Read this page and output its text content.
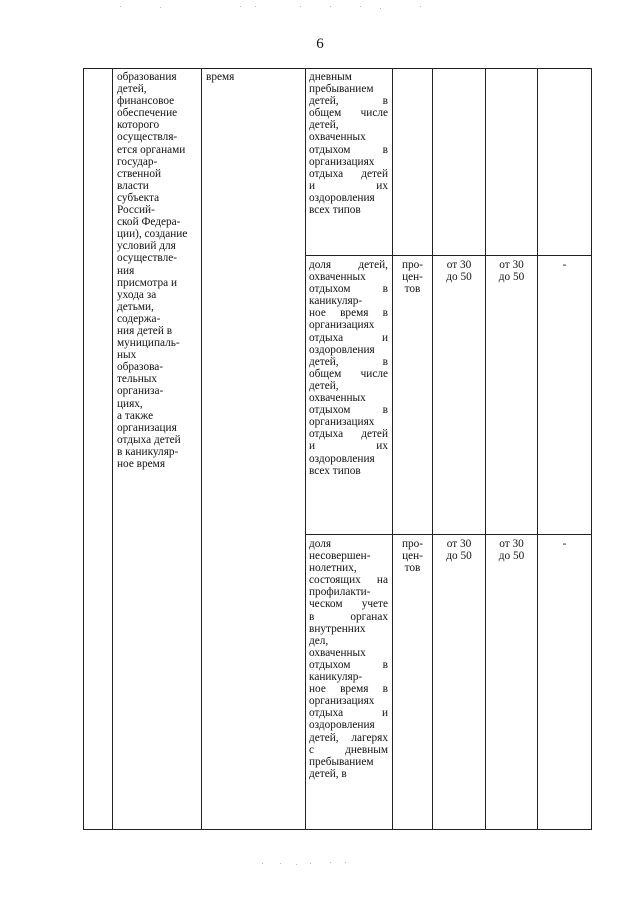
6
образования
детей,
финансовое
обеспечение
которого
осуществля-
ется органами
государ-
ственной
власти
субъекта
Россий-
ской Федера-
ции), создание
условий для
осуществле-
ния
присмотра и
ухода за
детьми,
содержа-
ния детей в
муниципаль-
ных
образова-
тельных
организа-
циях,
а также
организация
отдыха детей
в каникуляр-
ное время
время	дневным
пребыванием
детей, в
общем числе
детей,
охваченных
отдыхом в
организациях
отдыха детей
и их
оздоровления
всех типов
доля детей,
охваченных
отдыхом в
каникуляр-
ное время в
организациях
отдыха и
оздоровления
детей, в
общем числе
детей,
охваченных
отдыхом в
организациях
отдыха детей
и их
оздоровления
всех типов
про-
цен-
тов
от 30
до 50
от 30
до 50
-
доля
несовершен-
нолетних,
состоящих на
профилакти-
ческом учете
в органах
внутренних
дел,
охваченных
отдыхом в
каникуляр-
ное время в
организациях
отдыха и
оздоровления
детей, лагерях
с дневным
пребыванием
детей, в
про-
цен-
тов
от 30
до 50
от 30
до 50
-
